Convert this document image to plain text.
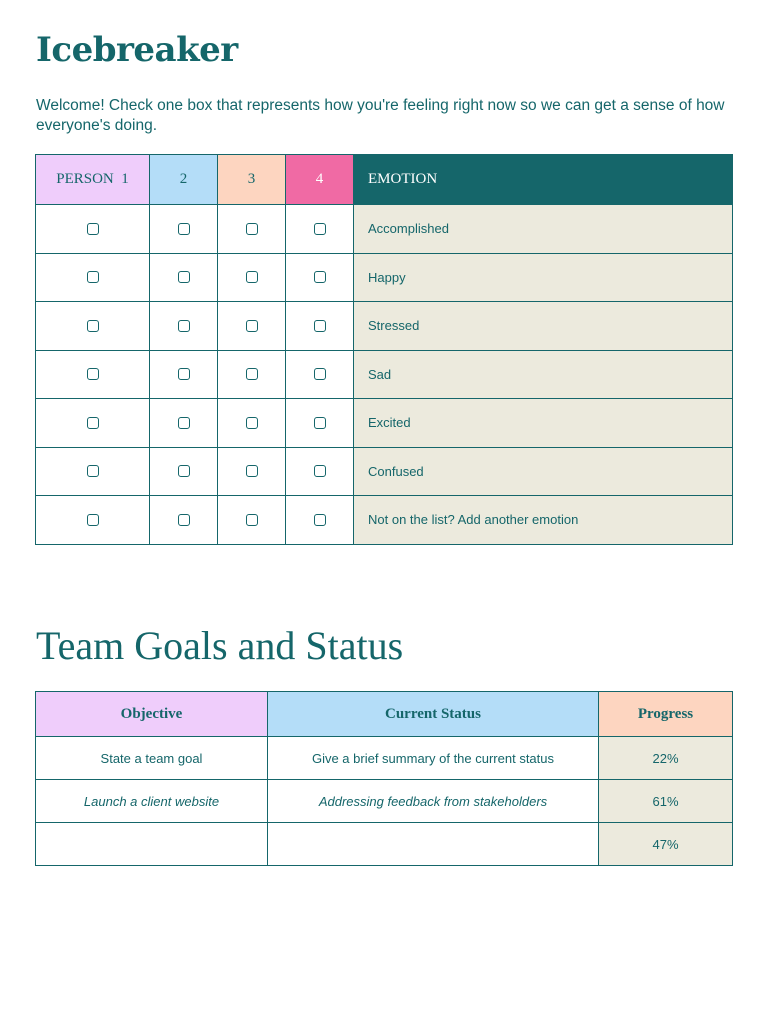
Icebreaker

Welcome! Check one box that represents how you're feeling right now so we can get a sense of how everyone's doing.

PERSON  1	2	3	4	EMOTION
				Accomplished
				Happy
				Stressed
				Sad
				Excited
				Confused
				Not on the list? Add another emotion
Team Goals and Status
Objective	Current Status	Progress
State a team goal	Give a brief summary of the current status	22%
Launch a client website	Addressing feedback from stakeholders	61%
		47%
